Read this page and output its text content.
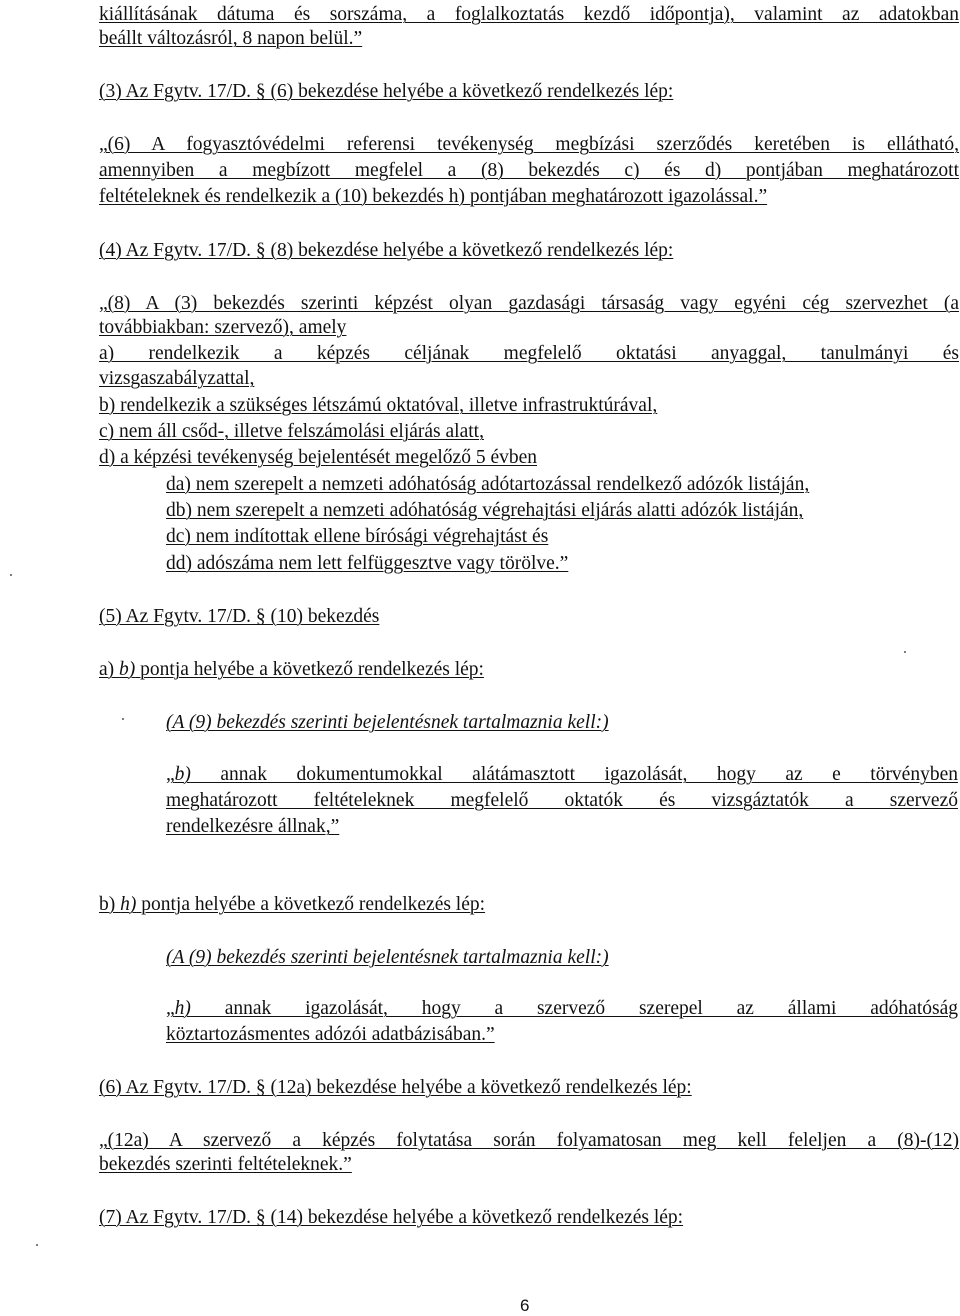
kiállításának dátuma és sorszáma, a foglalkoztatás kezdő időpontja), valamint az adatokban
beállt változásról, 8 napon belül.”
(3) Az Fgytv. 17/D. § (6) bekezdése helyébe a következő rendelkezés lép:
„(6) A fogyasztóvédelmi referensi tevékenység megbízási szerződés keretében is ellátható,
amennyiben a megbízott megfelel a (8) bekezdés c) és d) pontjában meghatározott
feltételeknek és rendelkezik a (10) bekezdés h) pontjában meghatározott igazolással.”
(4) Az Fgytv. 17/D. § (8) bekezdése helyébe a következő rendelkezés lép:
„(8) A (3) bekezdés szerinti képzést olyan gazdasági társaság vagy egyéni cég szervezhet (a
továbbiakban: szervező), amely
a) rendelkezik a képzés céljának megfelelő oktatási anyaggal, tanulmányi és
vizsgaszabályzattal,
b) rendelkezik a szükséges létszámú oktatóval, illetve infrastruktúrával,
c) nem áll csőd-, illetve felszámolási eljárás alatt,
d) a képzési tevékenység bejelentését megelőző 5 évben
da) nem szerepelt a nemzeti adóhatóság adótartozással rendelkező adózók listáján,
db) nem szerepelt a nemzeti adóhatóság végrehajtási eljárás alatti adózók listáján,
dc) nem indítottak ellene bírósági végrehajtást és
dd) adószáma nem lett felfüggesztve vagy törölve.”
(5) Az Fgytv. 17/D. § (10) bekezdés
a) b) pontja helyébe a következő rendelkezés lép:
(A (9) bekezdés szerinti bejelentésnek tartalmaznia kell:)
„b) annak dokumentumokkal alátámasztott igazolását, hogy az e törvényben
meghatározott feltételeknek megfelelő oktatók és vizsgáztatók a szervező
rendelkezésre állnak,”
b) h) pontja helyébe a következő rendelkezés lép:
(A (9) bekezdés szerinti bejelentésnek tartalmaznia kell:)
„h) annak igazolását, hogy a szervező szerepel az állami adóhatóság
köztartozásmentes adózói adatbázisában.”
(6) Az Fgytv. 17/D. § (12a) bekezdése helyébe a következő rendelkezés lép:
„(12a) A szervező a képzés folytatása során folyamatosan meg kell feleljen a (8)-(12)
bekezdés szerinti feltételeknek.”
(7) Az Fgytv. 17/D. § (14) bekezdése helyébe a következő rendelkezés lép:
6
